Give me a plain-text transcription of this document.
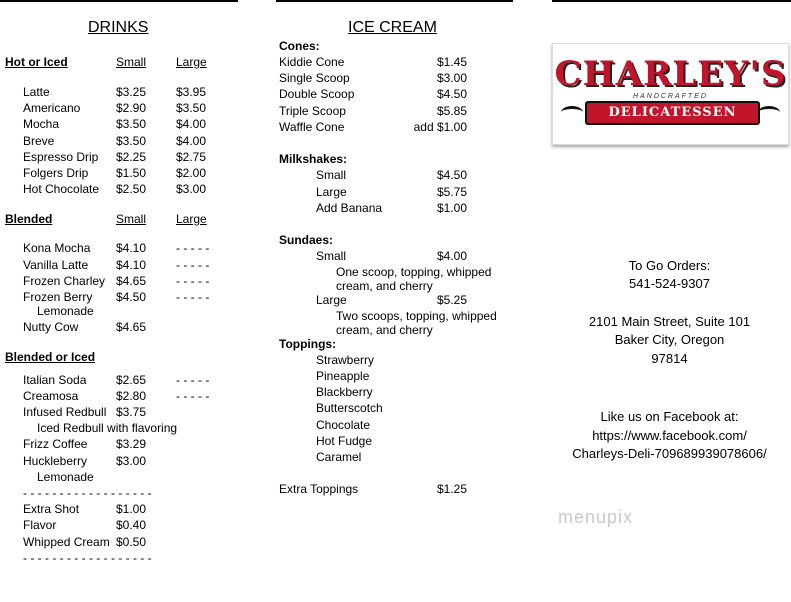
DRINKS
Hot or Iced	Small Large
Latte	$3.25 $3.95
Americano	$2.90 $3.50
Mocha	$3.50 $4.00
Breve	$3.50 $4.00
Espresso Drip $2.25 $2.75
Folgers Drip $1.50 $2.00
Hot Chocolate $2.50 $3.00
Blended	Small Large
Kona Mocha $4.10 - - - - -
Vanilla Latte $4.10 - - - - -
Frozen Charley $4.65 - - - - -
Frozen Berry $4.50 - - - - -
Lemonade
Nutty Cow	$4.65
Blended or Iced
Italian Soda $2.65 - - - - -
Creamosa	$2.80 - - - - -
Infused Redbull $3.75
Iced Redbull with flavoring
Frizz Coffee $3.29
Huckleberry $3.00
Lemonade
- - - - - - - - - - - - - - - - - -
Extra Shot	$1.00
Flavor	$0.40
Whipped Cream $0.50
- - - - - - - - - - - - - - - - - -
ICE CREAM
Cones:
Kiddie Cone	$1.45
Single Scoop	$3.00
Double Scoop	$4.50
Triple Scoop	$5.85
Waffle Cone	add $1.00
Milkshakes:
Small	$4.50
Large	$5.75
Add Banana	$1.00
Sundaes:
Small	$4.00
One scoop, topping, whipped
cream, and cherry
Large	$5.25
Two scoops, topping, whipped
cream, and cherry
Toppings:
Strawberry
Pineapple
Blackberry
Butterscotch
Chocolate
Hot Fudge
Caramel
Extra Toppings	$1.25
CHARLEY'S
HANDCRAFTED
DELICATESSEN
To Go Orders:
541-524-9307
2101 Main Street, Suite 101
Baker City, Oregon
97814
Like us on Facebook at:
https://www.facebook.com/
Charleys-Deli-709689939078606/
menupix
